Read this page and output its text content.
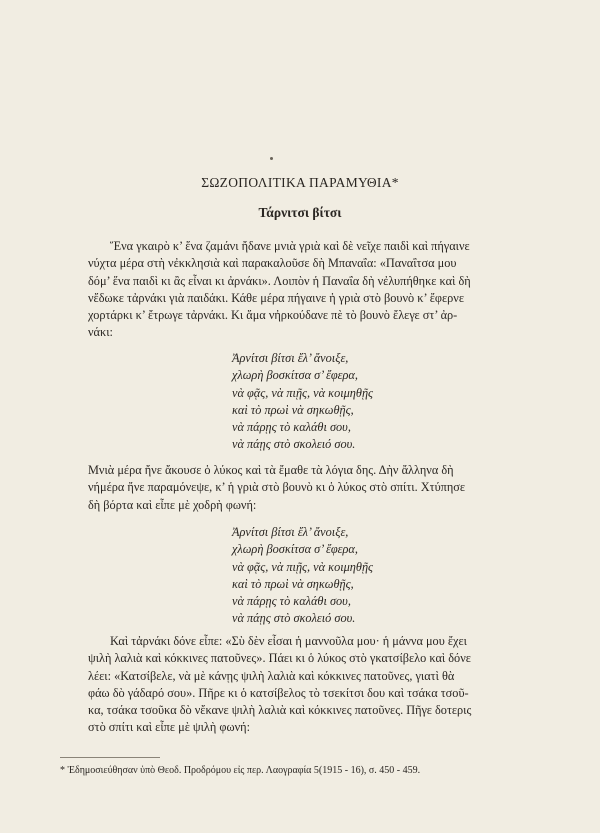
ΣΩΖΟΠΟΛΙΤΙΚΑ ΠΑΡΑΜΥΘΙΑ*
Τάρνιτσι βίτσι
Ἕνα γκαιρὸ κ’ ἕνα ζαμάνι ἤδανε μνιὰ γριὰ καὶ δὲ νεῖχε παιδὶ καὶ πήγαινε
νύχτα μέρα στὴ νἐκκλησιὰ καὶ παρακαλοῦσε δὴ Μπαναΐα: «Παναΐτσα μου
δόμ’ ἕνα παιδὶ κι ἂς εἶναι κι ἀρνάκι». Λοιπὸν ἡ Παναΐα δὴ νἐλυπήθηκε καὶ δὴ
νἔδωκε τἀρνάκι γιὰ παιδάκι. Κάθε μέρα πήγαινε ἡ γριὰ στὸ βουνὸ κ’ ἔφερνε
χορτάρκι κ’ ἔτρωγε τἀρνάκι. Κι ἅμα νἠρκούδανε πὲ τὸ βουνὸ ἔλεγε στ’ ἀρ-
νάκι:
Ἀρνίτσι βίτσι ἔλ’ ἄνοιξε,
χλωρὴ βοσκίτσα σ’ ἔφερα,
νὰ φᾷς, νὰ πιῇς, νὰ κοιμηθῇς
καὶ τὸ πρωὶ νὰ σηκωθῇς,
νὰ πάρῃς τὸ καλάθι σου,
νὰ πάῃς στὸ σκολειό σου.
Μνιὰ μέρα ἤνε ἄκουσε ὁ λύκος καὶ τὰ ἔμαθε τὰ λόγια δης. Δὴν ἄλληνα δὴ
νήμέρα ἤνε παραμόνεψε, κ’ ἡ γριὰ στὸ βουνὸ κι ὁ λύκος στὸ σπίτι. Χτύπησε
δὴ βόρτα καὶ εἶπε μὲ χοδρὴ φωνή:
Ἀρνίτσι βίτσι ἔλ’ ἄνοιξε,
χλωρὴ βοσκίτσα σ’ ἔφερα,
νὰ φᾷς, νὰ πιῇς, νὰ κοιμηθῇς
καὶ τὸ πρωὶ νὰ σηκωθῇς,
νὰ πάρῃς τὸ καλάθι σου,
νὰ πάῃς στὸ σκολειό σου.
Καὶ τἀρνάκι δόνε εἶπε: «Σὺ δὲν εἶσαι ἡ μαννοῦλα μου· ἡ μάννα μου ἔχει
ψιλὴ λαλιὰ καὶ κόκκινες πατοῦνες». Πάει κι ὁ λύκος στὸ γκατσίβελο καὶ δόνε
λέει: «Κατσίβελε, νὰ μὲ κάνῃς ψιλὴ λαλιὰ καὶ κόκκινες πατοῦνες, γιατὶ θὰ
φάω δὸ γάδαρό σου». Πῆρε κι ὁ κατσίβελος τὸ τσεκίτσι δου καὶ τσάκα τσοῦ-
κα, τσάκα τσοῦκα δὸ νἔκανε ψιλὴ λαλιὰ καὶ κόκκινες πατοῦνες. Πῆγε δοτερις
στὸ σπίτι καὶ εἶπε μὲ ψιλὴ φωνή:
* Ἐδημοσιεύθησαν ὑπὸ Θεοδ. Προδρόμου εἰς περ. Λαογραφία 5(1915 - 16), σ. 450 - 459.
